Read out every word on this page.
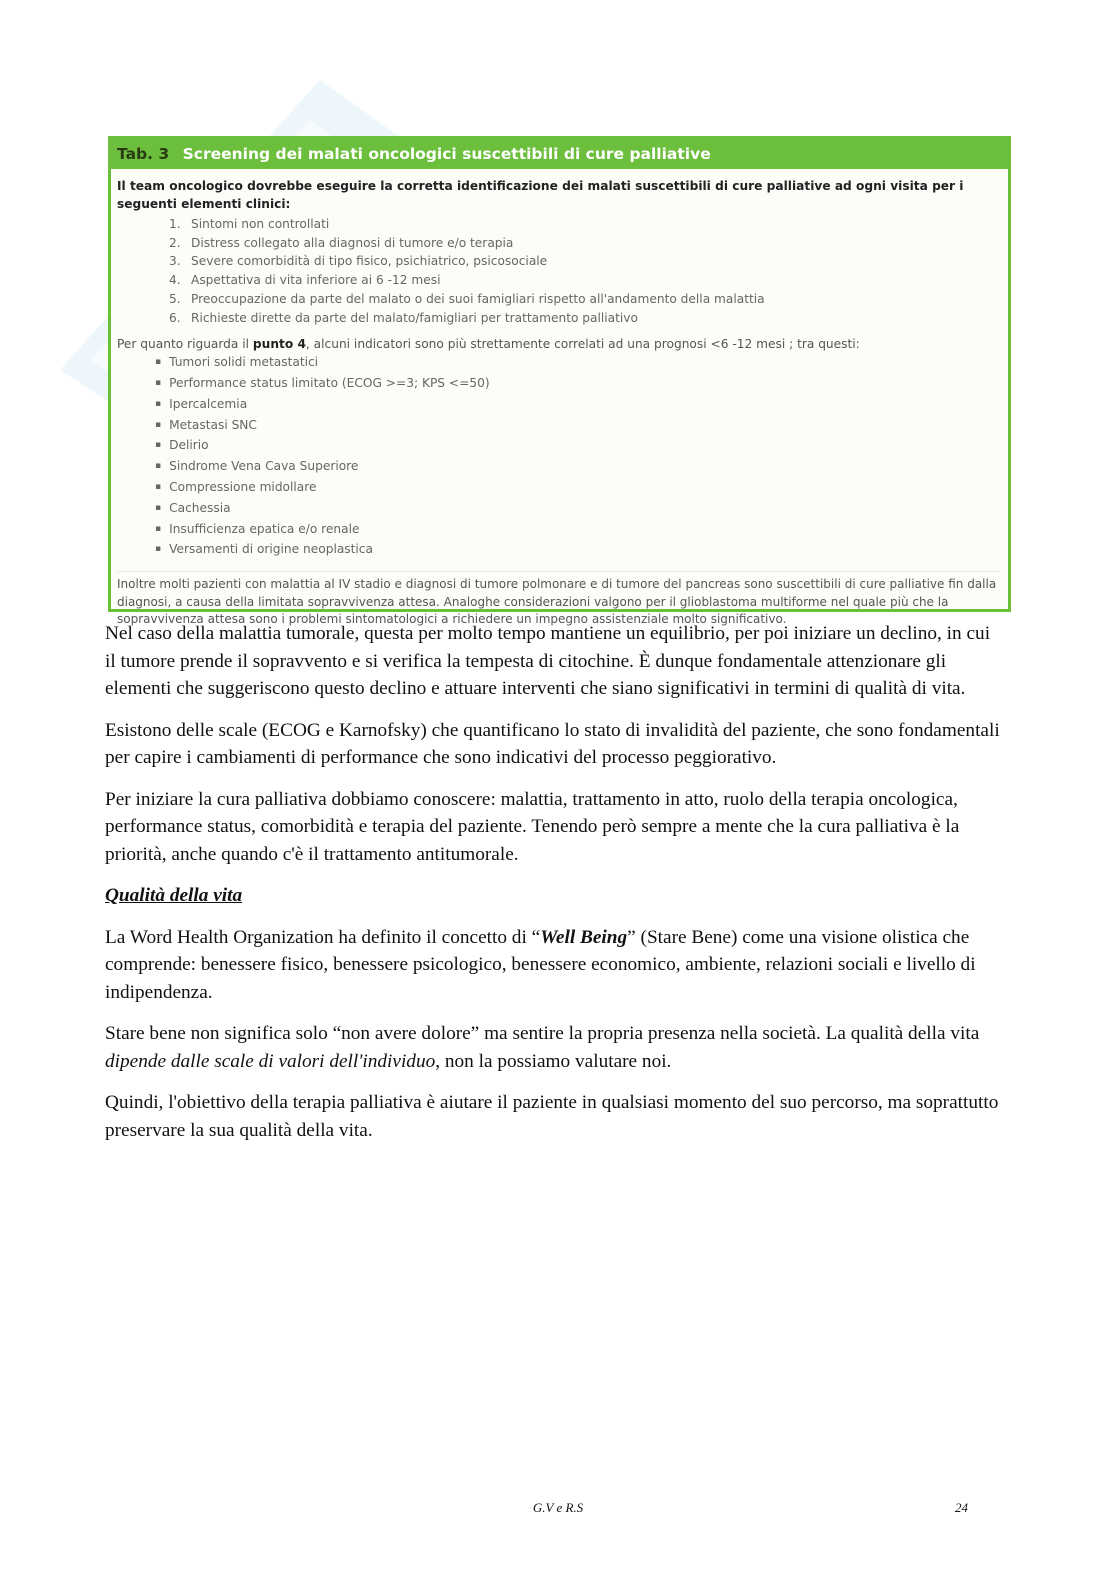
Tab. 3 Screening dei malati oncologici suscettibili di cure palliative
Il team oncologico dovrebbe eseguire la corretta identificazione dei malati suscettibili di cure palliative ad ogni visita per i seguenti elementi clinici:
1. Sintomi non controllati
2. Distress collegato alla diagnosi di tumore e/o terapia
3. Severe comorbidità di tipo fisico, psichiatrico, psicosociale
4. Aspettativa di vita inferiore ai 6 -12 mesi
5. Preoccupazione da parte del malato o dei suoi famigliari rispetto all'andamento della malattia
6. Richieste dirette da parte del malato/famigliari per trattamento palliativo
Per quanto riguarda il punto 4, alcuni indicatori sono più strettamente correlati ad una prognosi <6 -12 mesi ; tra questi:
▪ Tumori solidi metastatici
▪ Performance status limitato (ECOG >=3; KPS <=50)
▪ Ipercalcemia
▪ Metastasi SNC
▪ Delirio
▪ Sindrome Vena Cava Superiore
▪ Compressione midollare
▪ Cachessia
▪ Insufficienza epatica e/o renale
▪ Versamenti di origine neoplastica
Inoltre molti pazienti con malattia al IV stadio e diagnosi di tumore polmonare e di tumore del pancreas sono suscettibili di cure palliative fin dalla diagnosi, a causa della limitata sopravvivenza attesa. Analoghe considerazioni valgono per il glioblastoma multiforme nel quale più che la sopravvivenza attesa sono i problemi sintomatologici a richiedere un impegno assistenziale molto significativo.

Nel caso della malattia tumorale, questa per molto tempo mantiene un equilibrio, per poi iniziare un declino, in cui il tumore prende il sopravvento e si verifica la tempesta di citochine. È dunque fondamentale attenzionare gli elementi che suggeriscono questo declino e attuare interventi che siano significativi in termini di qualità di vita.

Esistono delle scale (ECOG e Karnofsky) che quantificano lo stato di invalidità del paziente, che sono fondamentali per capire i cambiamenti di performance che sono indicativi del processo peggiorativo.

Per iniziare la cura palliativa dobbiamo conoscere: malattia, trattamento in atto, ruolo della terapia oncologica, performance status, comorbidità e terapia del paziente. Tenendo però sempre a mente che la cura palliativa è la priorità, anche quando c'è il trattamento antitumorale.

Qualità della vita

La Word Health Organization ha definito il concetto di “Well Being” (Stare Bene) come una visione olistica che comprende: benessere fisico, benessere psicologico, benessere economico, ambiente, relazioni sociali e livello di indipendenza.

Stare bene non significa solo “non avere dolore” ma sentire la propria presenza nella società. La qualità della vita dipende dalle scale di valori dell'individuo, non la possiamo valutare noi.

Quindi, l'obiettivo della terapia palliativa è aiutare il paziente in qualsiasi momento del suo percorso, ma soprattutto preservare la sua qualità della vita.

G.V e R.S	24
